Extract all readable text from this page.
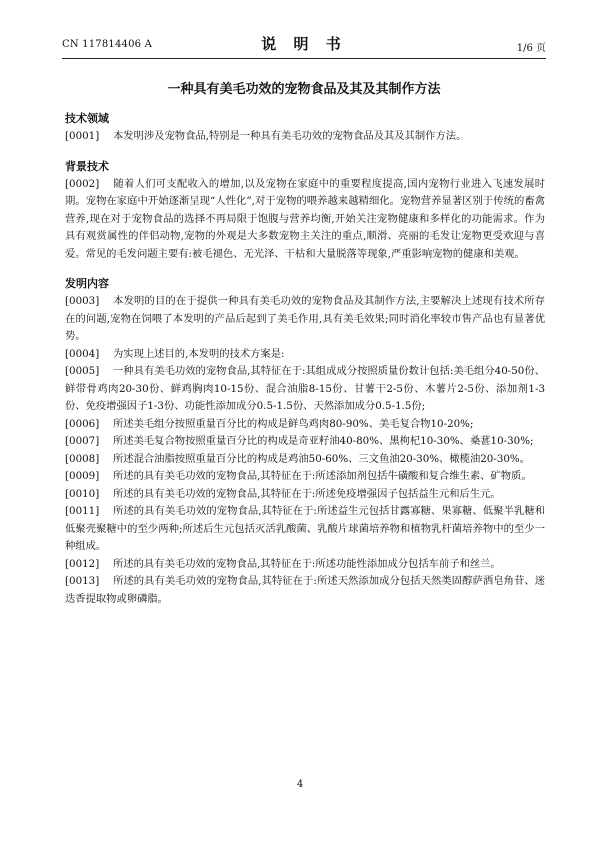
CN 117814406 A	说 明 书	1/6 页
一种具有美毛功效的宠物食品及其及其制作方法
技术领域

[0001] 本发明涉及宠物食品,特别是一种具有美毛功效的宠物食品及其及其制作方法。

背景技术

[0002] 随着人们可支配收入的增加,以及宠物在家庭中的重要程度提高,国内宠物行业进入飞速发展时期。宠物在家庭中开始逐渐呈现“人性化”,对于宠物的喂养越来越精细化。宠物营养显著区别于传统的畜禽营养,现在对于宠物食品的选择不再局限于饱腹与营养均衡,开始关注宠物健康和多样化的功能需求。作为具有观赏属性的伴侣动物,宠物的外观是大多数宠物主关注的重点,顺滑、亮丽的毛发让宠物更受欢迎与喜爱。常见的毛发问题主要有:被毛褪色、无光泽、干枯和大量脱落等现象,严重影响宠物的健康和美观。

发明内容

[0003] 本发明的目的在于提供一种具有美毛功效的宠物食品及其制作方法,主要解决上述现有技术所存在的问题,宠物在饲喂了本发明的产品后起到了美毛作用,具有美毛效果;同时消化率较市售产品也有显著优势。

[0004] 为实现上述目的,本发明的技术方案是:

[0005] 一种具有美毛功效的宠物食品,其特征在于:其组成成分按照质量份数计包括:美毛组分40-50份、鲜带骨鸡肉20-30份、鲜鸡胸肉10-15份、混合油脂8-15份、甘薯干2-5份、木薯片2-5份、添加剂1-3份、免疫增强因子1-3份、功能性添加成分0.5-1.5份、天然添加成分0.5-1.5份;

[0006] 所述美毛组分按照重量百分比的构成是鲜鸟鸡肉80-90%、美毛复合物10-20%;

[0007] 所述美毛复合物按照重量百分比的构成是奇亚籽油40-80%、黑枸杞10-30%、桑葚10-30%;

[0008] 所述混合油脂按照重量百分比的构成是鸡油50-60%、三文鱼油20-30%、橄榄油20-30%。

[0009] 所述的具有美毛功效的宠物食品,其特征在于:所述添加剂包括牛磺酸和复合维生素、矿物质。

[0010] 所述的具有美毛功效的宠物食品,其特征在于:所述免疫增强因子包括益生元和后生元。

[0011] 所述的具有美毛功效的宠物食品,其特征在于:所述益生元包括甘露寡糖、果寡糖、低聚半乳糖和低聚壳聚糖中的至少两种;所述后生元包括灭活乳酸菌、乳酸片球菌培养物和植物乳杆菌培养物中的至少一种组成。

[0012] 所述的具有美毛功效的宠物食品,其特征在于:所述功能性添加成分包括车前子和丝兰。

[0013] 所述的具有美毛功效的宠物食品,其特征在于:所述天然添加成分包括天然类固醇萨洒皂角苷、迷迭香提取物或卵磷脂。

4
